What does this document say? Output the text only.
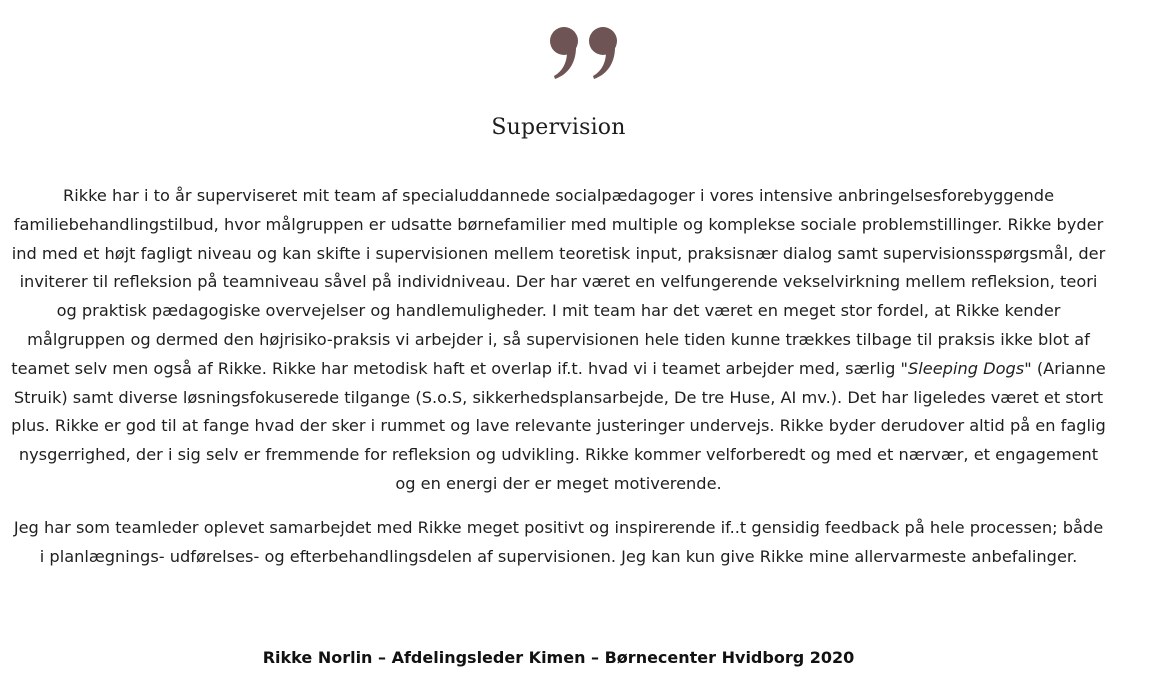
Supervision

Rikke har i to år superviseret mit team af specialuddannede socialpædagoger i vores intensive anbringelsesforebyggende familiebehandlingstilbud, hvor målgruppen er udsatte børnefamilier med multiple og komplekse sociale problemstillinger. Rikke byder ind med et højt fagligt niveau og kan skifte i supervisionen mellem teoretisk input, praksisnær dialog samt supervisionsspørgsmål, der inviterer til refleksion på teamniveau såvel på individniveau. Der har været en velfungerende vekselvirkning mellem refleksion, teori og praktisk pædagogiske overvejelser og handlemuligheder. I mit team har det været en meget stor fordel, at Rikke kender målgruppen og dermed den højrisiko-praksis vi arbejder i, så supervisionen hele tiden kunne trækkes tilbage til praksis ikke blot af teamet selv men også af Rikke. Rikke har metodisk haft et overlap if.t. hvad vi i teamet arbejder med, særlig "Sleeping Dogs" (Arianne Struik) samt diverse løsningsfokuserede tilgange (S.o.S, sikkerhedsplansarbejde, De tre Huse, AI mv.). Det har ligeledes været et stort plus. Rikke er god til at fange hvad der sker i rummet og lave relevante justeringer undervejs. Rikke byder derudover altid på en faglig nysgerrighed, der i sig selv er fremmende for refleksion og udvikling. Rikke kommer velforberedt og med et nærvær, et engagement og en energi der er meget motiverende.

Jeg har som teamleder oplevet samarbejdet med Rikke meget positivt og inspirerende if..t gensidig feedback på hele processen; både i planlægnings- udførelses- og efterbehandlingsdelen af supervisionen. Jeg kan kun give Rikke mine allervarmeste anbefalinger.

Rikke Norlin – Afdelingsleder Kimen – Børnecenter Hvidborg 2020
